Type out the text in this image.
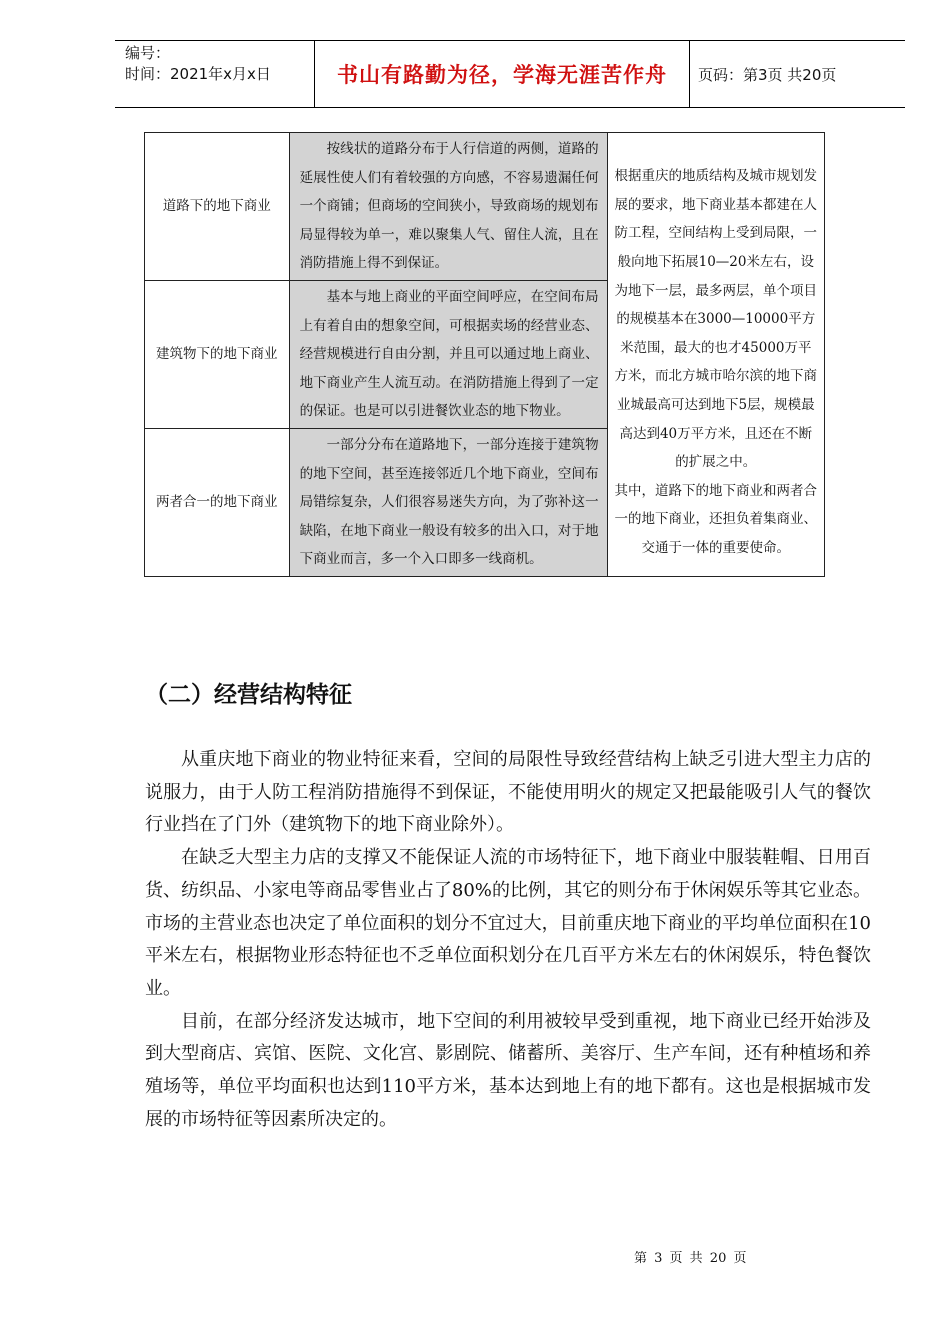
编号：
时间：2021年x月x日	书山有路勤为径，学海无涯苦作舟	页码：第3页 共20页
道路下的地下商业	按线状的道路分布于人行信道的两侧，道路的延展性使人们有着较强的方向感，不容易遗漏任何一个商铺；但商场的空间狭小，导致商场的规划布局显得较为单一，难以聚集人气、留住人流，且在消防措施上得不到保证。	根据重庆的地质结构及城市规划发展的要求，地下商业基本都建在人防工程，空间结构上受到局限，一般向地下拓展10—20米左右，设为地下一层，最多两层，单个项目的规模基本在3000—10000平方米范围，最大的也才45000万平方米，而北方城市哈尔滨的地下商业城最高可达到地下5层，规模最高达到40万平方米，且还在不断的扩展之中。

其中，道路下的地下商业和两者合一的地下商业，还担负着集商业、交通于一体的重要使命。

建筑物下的地下商业	基本与地上商业的平面空间呼应，在空间布局上有着自由的想象空间，可根据卖场的经营业态、经营规模进行自由分割，并且可以通过地上商业、地下商业产生人流互动。在消防措施上得到了一定的保证。也是可以引进餐饮业态的地下物业。	

两者合一的地下商业	一部分分布在道路地下，一部分连接于建筑物的地下空间，甚至连接邻近几个地下商业，空间布局错综复杂，人们很容易迷失方向，为了弥补这一缺陷，在地下商业一般设有较多的出入口，对于地下商业而言，多一个入口即多一线商机。	

（二）经营结构特征

从重庆地下商业的物业特征来看，空间的局限性导致经营结构上缺乏引进大型主力店的说服力，由于人防工程消防措施得不到保证，不能使用明火的规定又把最能吸引人气的餐饮行业挡在了门外（建筑物下的地下商业除外）。

在缺乏大型主力店的支撑又不能保证人流的市场特征下，地下商业中服装鞋帽、日用百货、纺织品、小家电等商品零售业占了80%的比例，其它的则分布于休闲娱乐等其它业态。市场的主营业态也决定了单位面积的划分不宜过大，目前重庆地下商业的平均单位面积在10平米左右，根据物业形态特征也不乏单位面积划分在几百平方米左右的休闲娱乐，特色餐饮业。

目前，在部分经济发达城市，地下空间的利用被较早受到重视，地下商业已经开始涉及到大型商店、宾馆、医院、文化宫、影剧院、储蓄所、美容厅、生产车间，还有种植场和养殖场等，单位平均面积也达到110平方米，基本达到地上有的地下都有。这也是根据城市发展的市场特征等因素所决定的。

第 3 页 共 20 页
